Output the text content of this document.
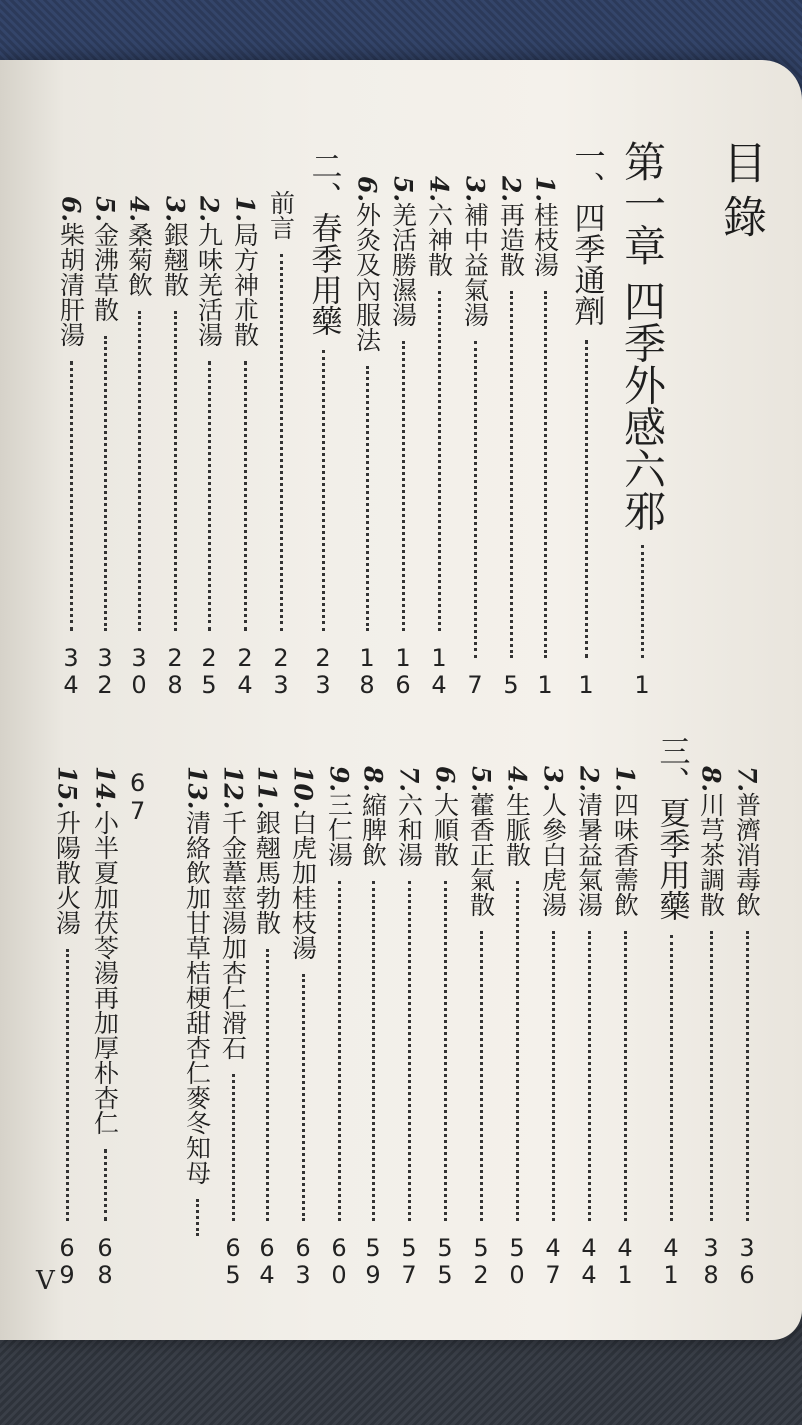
目錄
第一章 四季外感六邪
1
一、四季通劑
1
1.
桂枝湯
1
2.
再造散
5
3.
補中益氣湯
7
4.
六神散
1
4
5.
羌活勝濕湯
1
6
6.
外灸及內服法
1
8
二、春季用藥
2
3
前言
2
3
1.
局方神朮散
2
4
2.
九味羌活湯
2
5
3.
銀翹散
2
8
4.
桑菊飲
3
0
5.
金沸草散
3
2
6.
柴胡清肝湯
3
4
7.
普濟消毒飲
3
6
8.
川芎茶調散
3
8
三、夏季用藥
4
1
1.
四味香薷飲
4
1
2.
清暑益氣湯
4
4
3.
人參白虎湯
4
7
4.
生脈散
5
0
5.
藿香正氣散
5
2
6.
大順散
5
5
7.
六和湯
5
7
8.
縮脾飲
5
9
9.
三仁湯
6
0
10.
白虎加桂枝湯
6
3
11.
銀翹馬勃散
6
4
12.
千金葦莖湯加杏仁滑石
6
5
13.
清絡飲加甘草桔梗甜杏仁麥冬知母
14.
小半夏加茯苓湯再加厚朴杏仁
6
8
6
7
15.
升陽散火湯
6
9
V
